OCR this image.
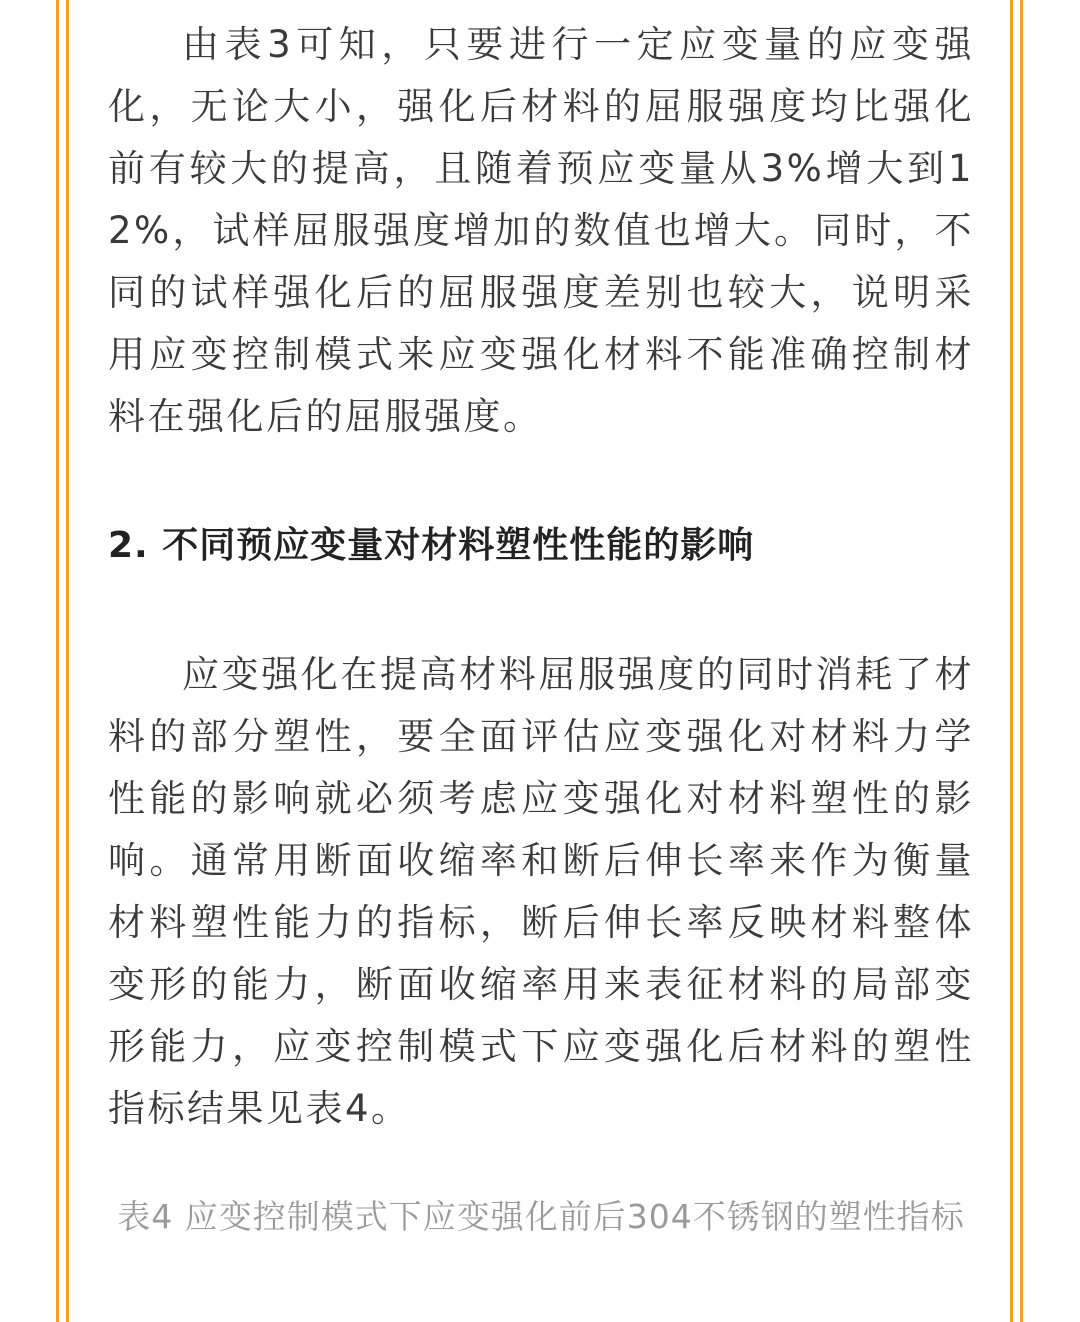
由表3可知，只要进行一定应变量的应变强化，无论大小，强化后材料的屈服强度均比强化前有较大的提高，且随着预应变量从3%增大到12%，试样屈服强度增加的数值也增大。同时，不同的试样强化后的屈服强度差别也较大，说明采用应变控制模式来应变强化材料不能准确控制材料在强化后的屈服强度。

2. 不同预应变量对材料塑性性能的影响

应变强化在提高材料屈服强度的同时消耗了材料的部分塑性，要全面评估应变强化对材料力学性能的影响就必须考虑应变强化对材料塑性的影响。通常用断面收缩率和断后伸长率来作为衡量材料塑性能力的指标，断后伸长率反映材料整体变形的能力，断面收缩率用来表征材料的局部变形能力，应变控制模式下应变强化后材料的塑性指标结果见表4。

表4 应变控制模式下应变强化前后304不锈钢的塑性指标
